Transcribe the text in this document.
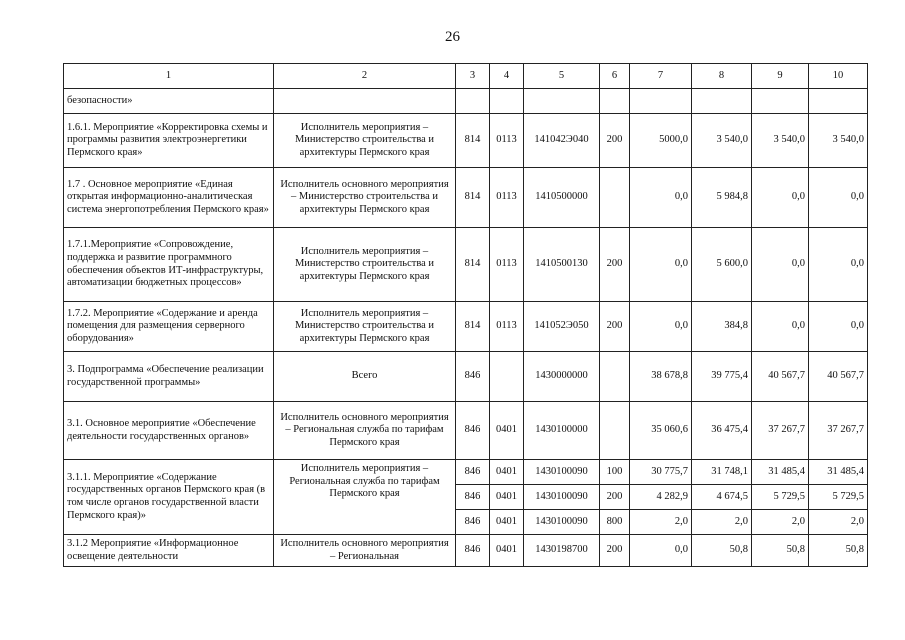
26
1	2	3	4	5	6	7	8	9	10
безопасности»									
1.6.1. Мероприятие «Корректировка схемы и программы развития электроэнергетики Пермского края»	Исполнитель мероприятия – Министерство строительства и архитектуры Пермского края	814	0113	141042Э040	200	5000,0	3 540,0	3 540,0	3 540,0
1.7 . Основное мероприятие «Единая открытая информационно-аналитическая система энергопотребления Пермского края»	Исполнитель основного мероприятия – Министерство строительства и архитектуры Пермского края	814	0113	1410500000		0,0	5 984,8	0,0	0,0
1.7.1.Мероприятие «Сопровождение, поддержка и развитие программного обеспечения объектов ИТ-инфраструктуры, автоматизации бюджетных процессов»	Исполнитель мероприятия – Министерство строительства и архитектуры Пермского края	814	0113	1410500130	200	0,0	5 600,0	0,0	0,0
1.7.2. Мероприятие «Содержание и аренда помещения для размещения серверного оборудования»	Исполнитель мероприятия – Министерство строительства и архитектуры Пермского края	814	0113	141052Э050	200	0,0	384,8	0,0	0,0
3. Подпрограмма «Обеспечение реализации государственной программы»	Всего	846		1430000000		38 678,8	39 775,4	40 567,7	40 567,7
3.1. Основное мероприятие «Обеспечение деятельности государственных органов»	Исполнитель основного мероприятия – Региональная служба по тарифам Пермского края	846	0401	1430100000		35 060,6	36 475,4	37 267,7	37 267,7
3.1.1. Мероприятие «Содержание государственных органов Пермского края (в том числе органов государственной власти Пермского края)»	Исполнитель мероприятия – Региональная служба по тарифам Пермского края	846	0401	1430100090	100	30 775,7	31 748,1	31 485,4	31 485,4
		846	0401	1430100090	200	4 282,9	4 674,5	5 729,5	5 729,5
		846	0401	1430100090	800	2,0	2,0	2,0	2,0
3.1.2 Мероприятие «Информационное освещение деятельности	Исполнитель основного мероприятия – Региональная	846	0401	1430198700	200	0,0	50,8	50,8	50,8
